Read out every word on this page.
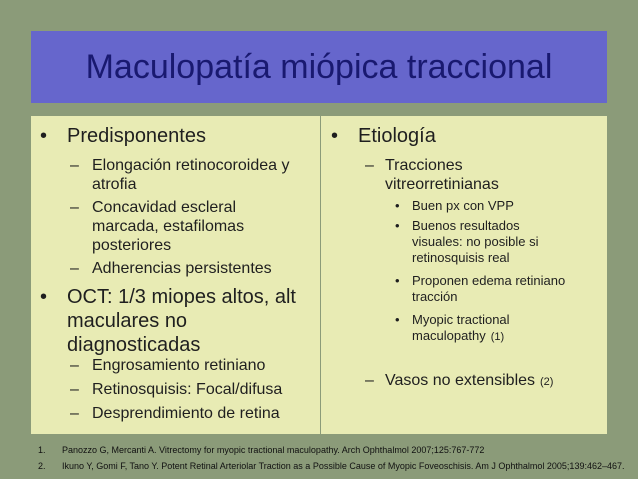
Maculopatía miópica traccional
• Predisponentes
– Elongación retinocoroidea y atrofia
– Concavidad escleral marcada, estafilomas posteriores
– Adherencias persistentes
• OCT: 1/3 miopes altos, alt maculares no diagnosticadas
– Engrosamiento retiniano
– Retinosquisis: Focal/difusa
– Desprendimiento de retina
• Etiología
– Tracciones vitreorretinianas
• Buen px con VPP
• Buenos resultados visuales: no posible si retinosquisis real
• Proponen edema retiniano tracción
• Myopic tractional maculopathy (1)
– Vasos no extensibles (2)
1. Panozzo G, Mercanti A. Vitrectomy for myopic tractional maculopathy. Arch Ophthalmol 2007;125:767-772
2. Ikuno Y, Gomi F, Tano Y. Potent Retinal Arteriolar Traction as a Possible Cause of Myopic Foveoschisis. Am J Ophthalmol 2005;139:462–467.
